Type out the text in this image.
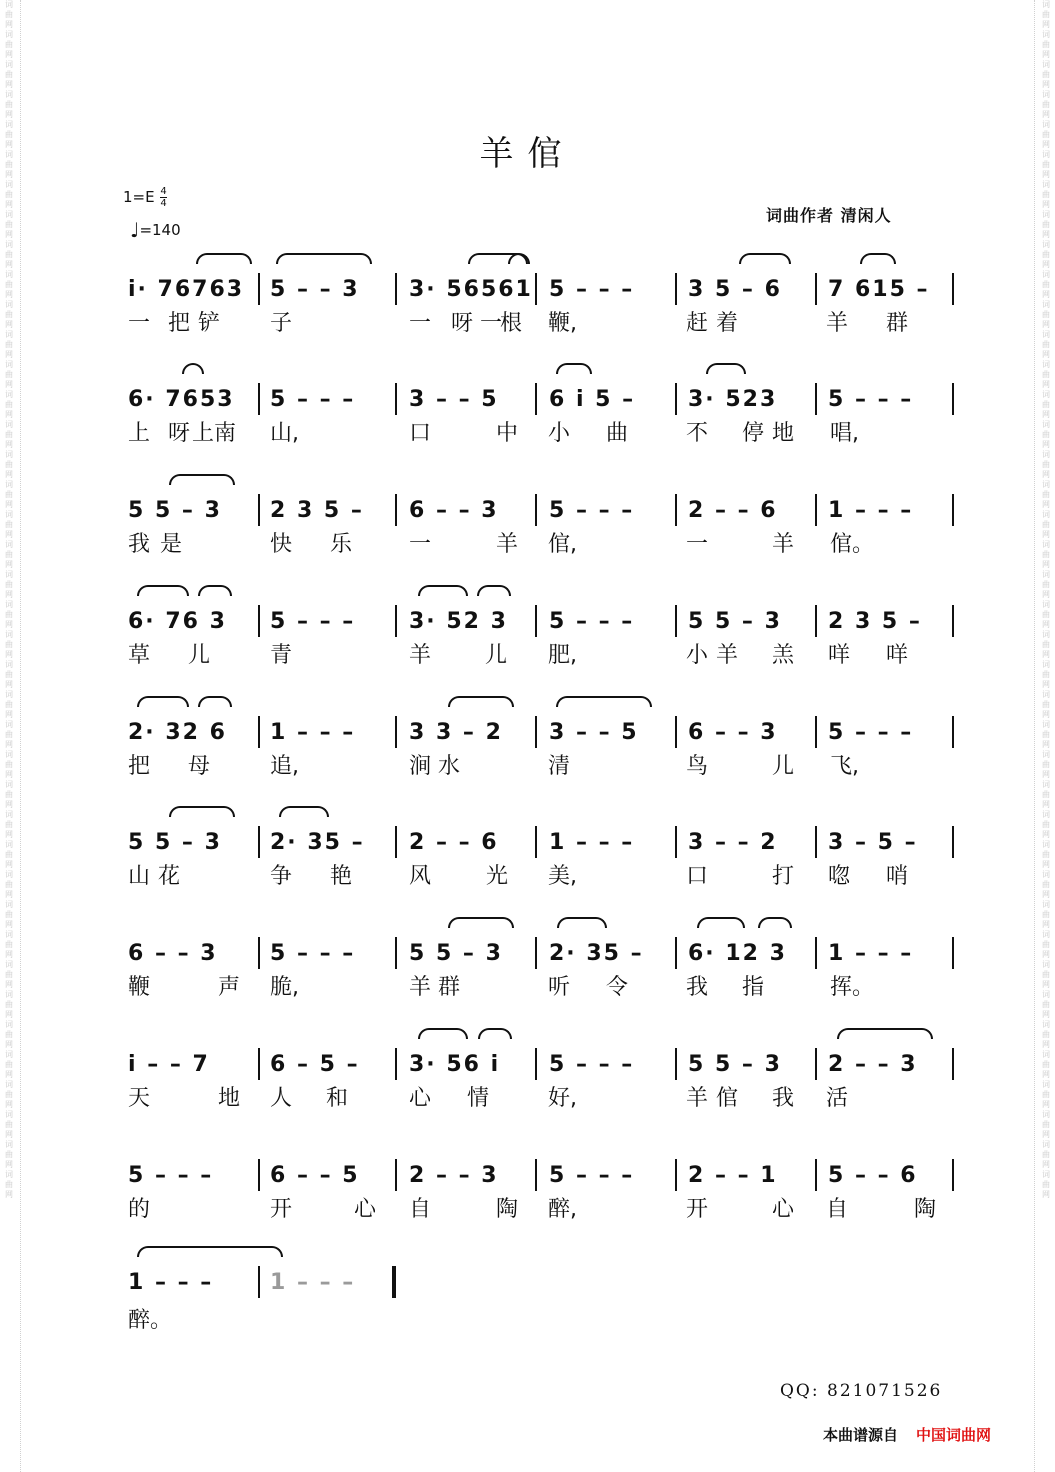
词曲网词曲网词曲网词曲网词曲网词曲网词曲网词曲网词曲网词曲网词曲网词曲网词曲网词曲网词曲网词曲网词曲网词曲网词曲网词曲网词曲网词曲网词曲网词曲网词曲网词曲网词曲网词曲网词曲网词曲网词曲网词曲网词曲网词曲网词曲网词曲网词曲网词曲网词曲网词曲网
词曲网词曲网词曲网词曲网词曲网词曲网词曲网词曲网词曲网词曲网词曲网词曲网词曲网词曲网词曲网词曲网词曲网词曲网词曲网词曲网词曲网词曲网词曲网词曲网词曲网词曲网词曲网词曲网词曲网词曲网词曲网词曲网词曲网词曲网词曲网词曲网词曲网词曲网词曲网词曲网
羊倌
$1=E \frac{4}{4}$
♩=140
词曲作者 清闲人
i· 76763 5 – – 3 3· 56561 5 – – – 3 5 – 6 7 615 –
一 把 铲 子	一 呀 一
根 鞭,	赶 着	羊 群
6· 7653 5 – – – 3 – – 5 6 i 5 – 3· 523 5 – – –
上 呀 上 南 山,	口	中 小 曲	不 停 地 唱,
5 5 – 3 2 3 5 – 6 – – 3 5 – – – 2 – – 6 1 – – –
我 是	快 乐	一	羊 倌,	一	羊 倌。
6· 76 3 5 – – – 3· 52 3 5 – – – 5 5 – 3 2 3 5 –
草 儿	青	羊 儿 肥,	小 羊 羔 咩 咩
2· 32 6 1 – – – 3 3 – 2 3 – – 5 6 – – 3 5 – – –
把 母	追,	涧 水	清	鸟	儿 飞,
5 5 – 3 2· 35 – 2 – – 6 1 – – – 3 – – 2 3 – 5 –
山 花	争 艳	风 光 美,	口	打 唿 哨
6 – – 3 5 – – – 5 5 – 3 2· 35 – 6· 12 3 1 – – –
鞭	声 脆,	羊 群	听 令	我 指	挥。
i – – 7	6 – 5 – 3· 56 i 5 – – – 5 5 – 3 2 – – 3
天	地 人 和	心 情	好,	羊 倌 我 活
5 – – –	6 – – 5 2 – – 3 5 – – – 2 – – 1 5 – – 6
的	开	心 自	陶 醉,	开	心 自	陶
1 – – –	1 – – –
醉。
QQ: 821071526
本曲谱源自 中国词曲网
